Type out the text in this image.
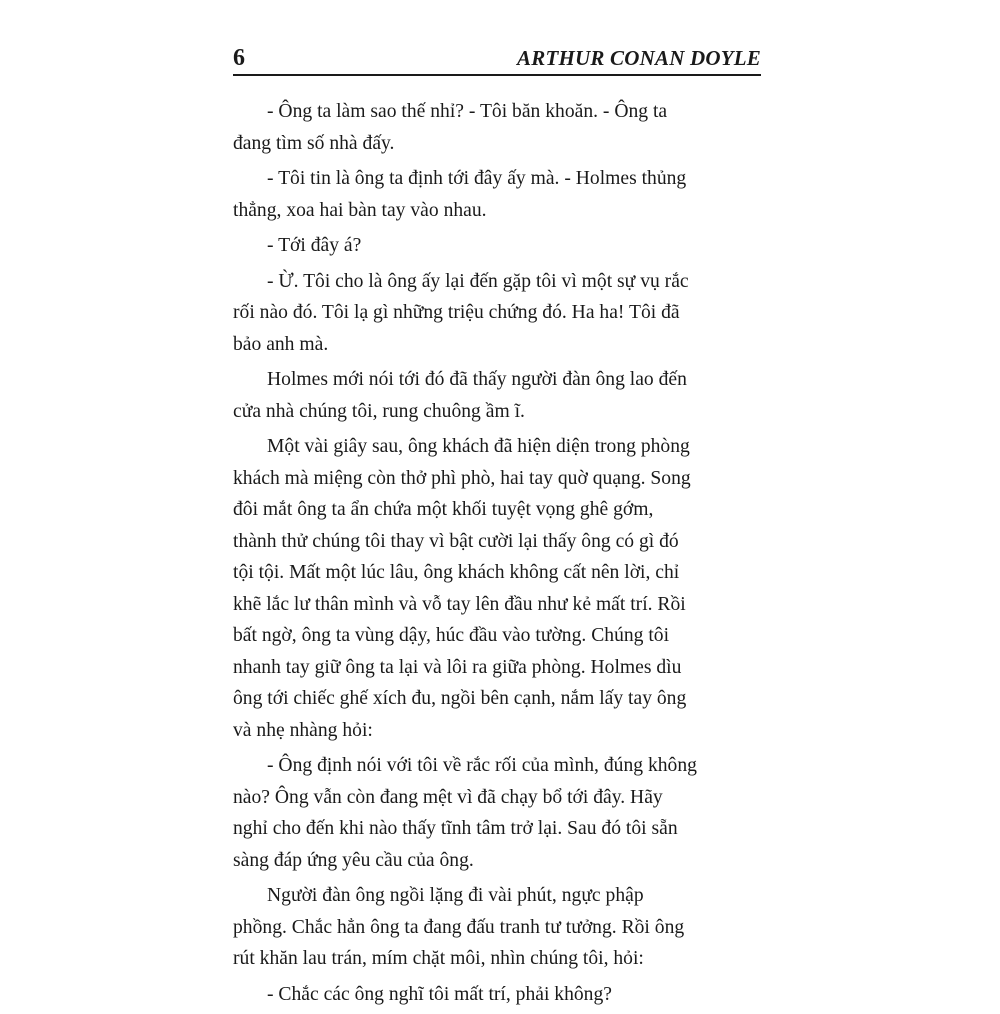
6	ARTHUR CONAN DOYLE

- Ông ta làm sao thế nhỉ? - Tôi băn khoăn. - Ông ta
đang tìm số nhà đấy.

- Tôi tin là ông ta định tới đây ấy mà. - Holmes thủng
thẳng, xoa hai bàn tay vào nhau.

- Tới đây á?

- Ừ. Tôi cho là ông ấy lại đến gặp tôi vì một sự vụ rắc
rối nào đó. Tôi lạ gì những triệu chứng đó. Ha ha! Tôi đã
bảo anh mà.

Holmes mới nói tới đó đã thấy người đàn ông lao đến
cửa nhà chúng tôi, rung chuông ầm ĩ.

Một vài giây sau, ông khách đã hiện diện trong phòng
khách mà miệng còn thở phì phò, hai tay quờ quạng. Song
đôi mắt ông ta ẩn chứa một khối tuyệt vọng ghê gớm,
thành thử chúng tôi thay vì bật cười lại thấy ông có gì đó
tội tội. Mất một lúc lâu, ông khách không cất nên lời, chỉ
khẽ lắc lư thân mình và vỗ tay lên đầu như kẻ mất trí. Rồi
bất ngờ, ông ta vùng dậy, húc đầu vào tường. Chúng tôi
nhanh tay giữ ông ta lại và lôi ra giữa phòng. Holmes dìu
ông tới chiếc ghế xích đu, ngồi bên cạnh, nắm lấy tay ông
và nhẹ nhàng hỏi:

- Ông định nói với tôi về rắc rối của mình, đúng không
nào? Ông vẫn còn đang mệt vì đã chạy bổ tới đây. Hãy
nghỉ cho đến khi nào thấy tĩnh tâm trở lại. Sau đó tôi sẵn
sàng đáp ứng yêu cầu của ông.

Người đàn ông ngồi lặng đi vài phút, ngực phập
phồng. Chắc hẳn ông ta đang đấu tranh tư tưởng. Rồi ông
rút khăn lau trán, mím chặt môi, nhìn chúng tôi, hỏi:

- Chắc các ông nghĩ tôi mất trí, phải không?
